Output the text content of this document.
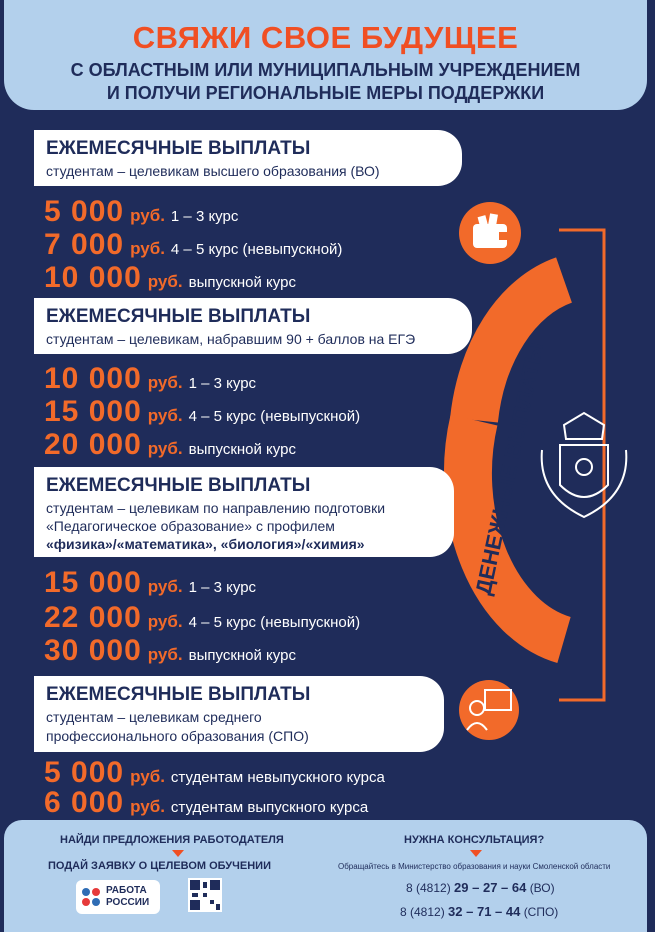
СВЯЖИ СВОЕ БУДУЩЕЕ
С ОБЛАСТНЫМ ИЛИ МУНИЦИПАЛЬНЫМ УЧРЕЖДЕНИЕМ
И ПОЛУЧИ РЕГИОНАЛЬНЫЕ МЕРЫ ПОДДЕРЖКИ
ДЕНЕЖНЫЕ ВЫПЛАТЫ
ЕЖЕМЕСЯЧНЫЕ ВЫПЛАТЫ
студентам – целевикам высшего образования (ВО)
5 000 руб. 1 – 3 курс
7 000 руб. 4 – 5 курс (невыпускной)
10 000 руб. выпускной курс
ЕЖЕМЕСЯЧНЫЕ ВЫПЛАТЫ
студентам – целевикам, набравшим 90 + баллов на ЕГЭ
10 000 руб. 1 – 3 курс
15 000 руб. 4 – 5 курс (невыпускной)
20 000 руб. выпускной курс
ЕЖЕМЕСЯЧНЫЕ ВЫПЛАТЫ
студентам – целевикам по направлению подготовки
«Педагогическое образование» с профилем
«физика»/«математика», «биология»/«химия»
15 000 руб. 1 – 3 курс
22 000 руб. 4 – 5 курс (невыпускной)
30 000 руб. выпускной курс
ЕЖЕМЕСЯЧНЫЕ ВЫПЛАТЫ
студентам – целевикам среднего
профессионального образования (СПО)
5 000 руб. студентам невыпускного курса
6 000 руб. студентам выпускного курса
НАЙДИ ПРЕДЛОЖЕНИЯ РАБОТОДАТЕЛЯ
ПОДАЙ ЗАЯВКУ О ЦЕЛЕВОМ ОБУЧЕНИИ
РАБОТА
РОССИИ
НУЖНА КОНСУЛЬТАЦИЯ?
Обращайтесь в Министерство образования и науки Смоленской области
8 (4812) 29 – 27 – 64 (ВО)
8 (4812) 32 – 71 – 44 (СПО)
